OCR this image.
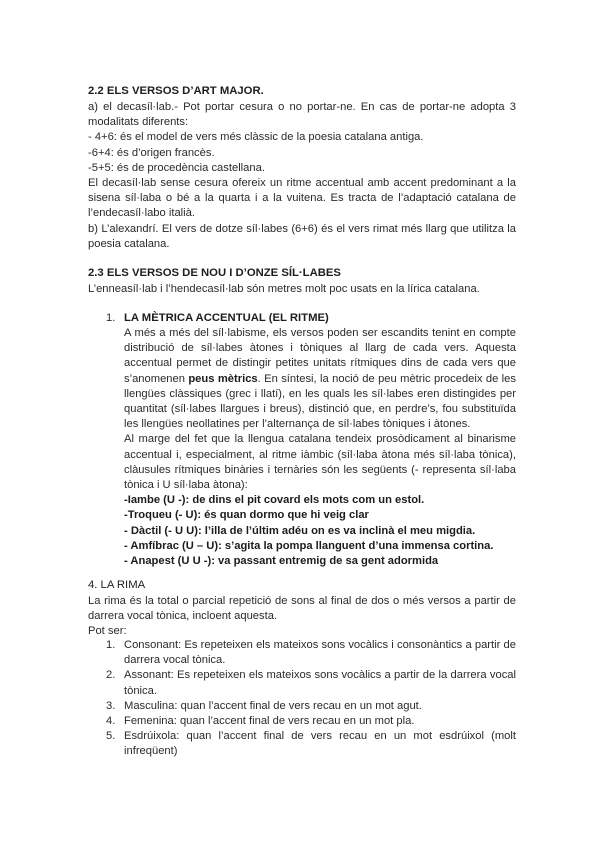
2.2 ELS VERSOS D’ART MAJOR.
a) el decasíl·lab.- Pot portar cesura o no portar-ne. En cas de portar-ne adopta 3
modalitats diferents:
- 4+6: és el model de vers més clàssic de la poesia catalana antiga.
-6+4: és d’origen francès.
-5+5: és de procedència castellana.
El decasíl·lab sense cesura ofereix un ritme accentual amb accent predominant a la
sisena síl·laba o bé a la quarta i a la vuitena. Es tracta de l’adaptació catalana de
l’endecasíl·labo italià.
b) L’alexandrí. El vers de dotze síl·labes (6+6) és el vers rimat més llarg que utilitza la
poesia catalana.
2.3 ELS VERSOS DE NOU I D’ONZE SÍL·LABES
L’enneasíl·lab i l’hendecasíl·lab són metres molt poc usats en la lírica catalana.
1. LA MÈTRICA ACCENTUAL (EL RITME)
A més a més del síl·labisme, els versos poden ser escandits tenint en compte
distribució de síl·labes àtones i tòniques al llarg de cada vers. Aquesta
accentual permet de distingir petites unitats rítmiques dins de cada vers que
s’anomenen peus mètrics. En síntesi, la noció de peu mètric procedeix de les
llengües clàssiques (grec i llatí), en les quals les síl·labes eren distingides per
quantitat (síl·labes llargues i breus), distinció que, en perdre’s, fou substituïda
les llengües neollatines per l’alternança de síl·labes tòniques i àtones.
Al marge del fet que la llengua catalana tendeix prosòdicament al binarisme
accentual i, especialment, al ritme iàmbic (síl·laba àtona més síl·laba tònica),
clàusules rítmiques binàries i ternàries són les següents (- representa síl·laba
tònica i U síl·laba àtona):
-Iambe (U -): de dins el pit covard els mots com un estol.
-Troqueu (- U): és quan dormo que hi veig clar
- Dàctil (- U U): l’illa de l’últim adéu on es va inclinà el meu migdia.
- Amfíbrac (U – U): s’agita la pompa llanguent d’una immensa cortina.
- Anapest (U U -): va passant entremig de sa gent adormida
4. LA RIMA
La rima és la total o parcial repetició de sons al final de dos o més versos a partir de
darrera vocal tònica, incloent aquesta.
Pot ser:
1. Consonant: Es repeteixen els mateixos sons vocàlics i consonàntics a partir de
darrera vocal tònica.
2. Assonant: Es repeteixen els mateixos sons vocàlics a partir de la darrera vocal
tònica.
3. Masculina: quan l’accent final de vers recau en un mot agut.
4. Femenina: quan l’accent final de vers recau en un mot pla.
5. Esdrúixola: quan l’accent final de vers recau en un mot esdrúixol (molt
infreqüent)
